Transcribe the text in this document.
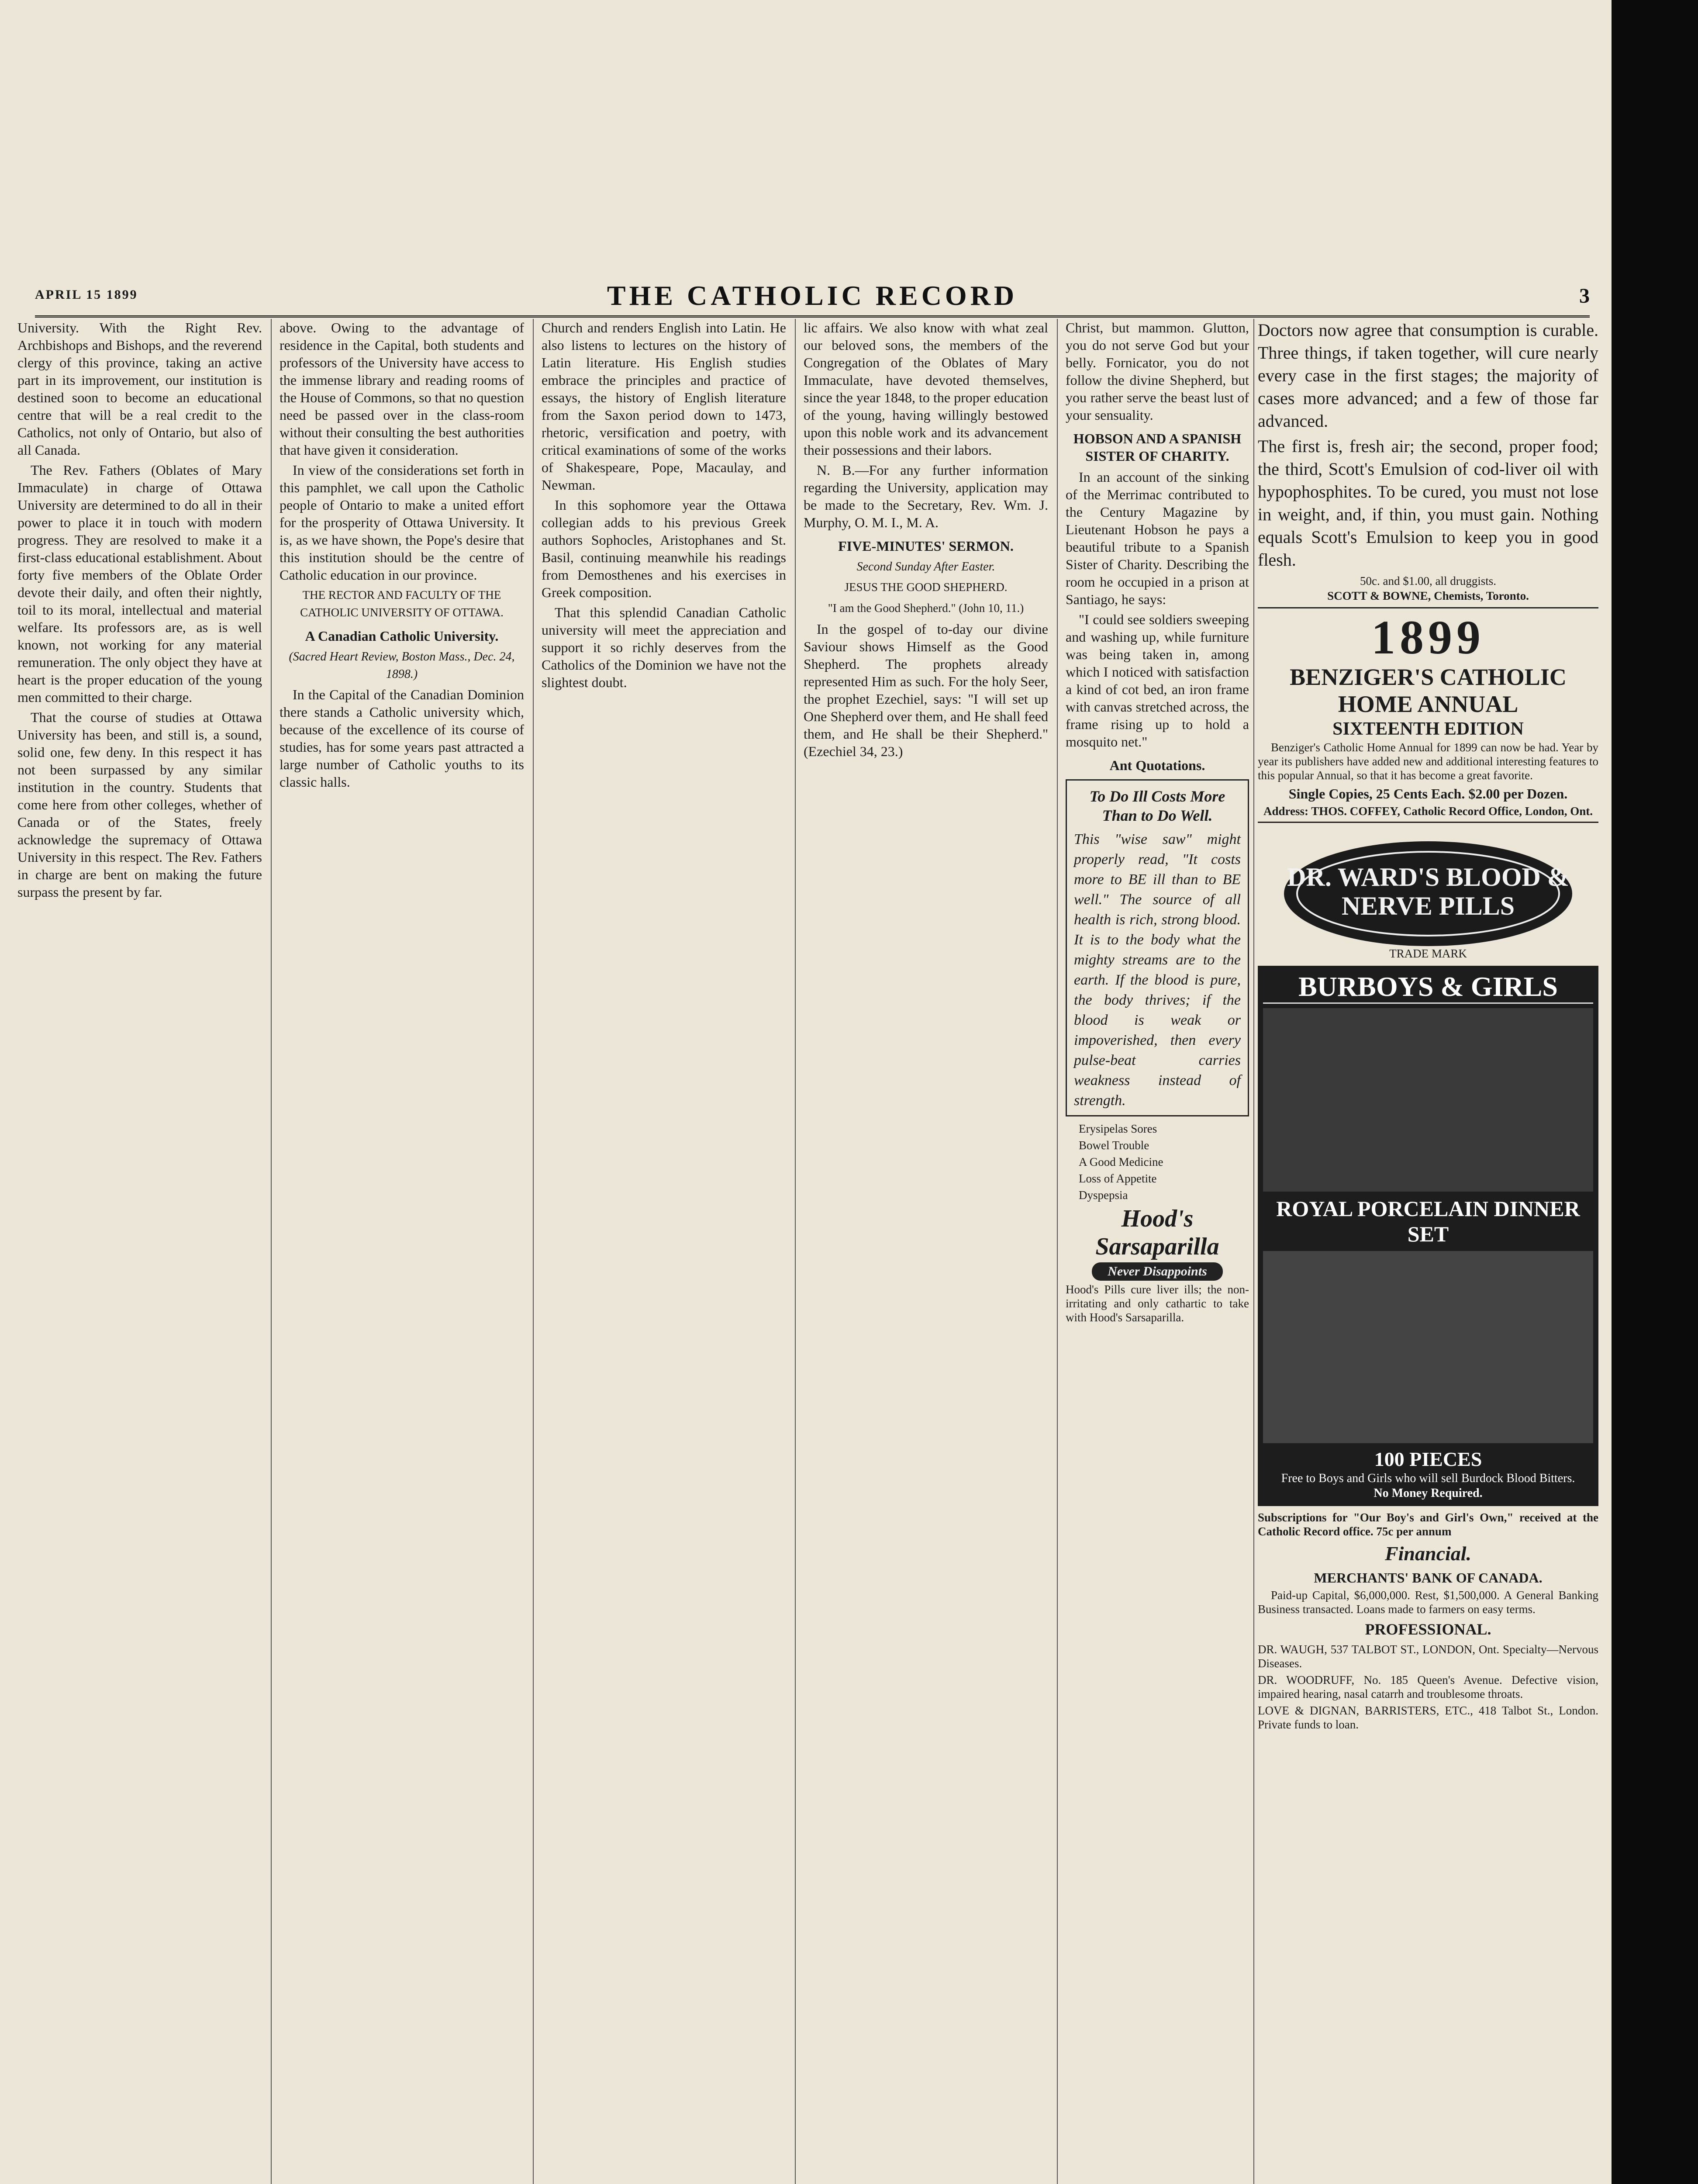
APRIL 15 1899	THE CATHOLIC RECORD	3

University. With the Right Rev. Archbishops and Bishops, and the reverend clergy of this province, taking an active part in its improvement, our institution is destined soon to become an educational centre that will be a real credit to the Catholics, not only of Ontario, but also of all Canada.

The Rev. Fathers (Oblates of Mary Immaculate) in charge of Ottawa University are determined to do all in their power to place it in touch with modern progress. They are resolved to make it a first-class educational establishment. About forty five members of the Oblate Order devote their daily, and often their nightly, toil to its moral, intellectual and material welfare. Its professors are, as is well known, not working for any material remuneration. The only object they have at heart is the proper education of the young men committed to their charge.

That the course of studies at Ottawa University has been, and still is, a sound, solid one, few deny. In this respect it has not been surpassed by any similar institution in the country. Students that come here from other colleges, whether of Canada or of the States, freely acknowledge the supremacy of Ottawa University in this respect. The Rev. Fathers in charge are bent on making the future surpass the present by far.

above. Owing to the advantage of residence in the Capital, both students and professors of the University have access to the immense library and reading rooms of the House of Commons, so that no question need be passed over in the class-room without their consulting the best authorities that have given it consideration.

In view of the considerations set forth in this pamphlet, we call upon the Catholic people of Ontario to make a united effort for the prosperity of Ottawa University. It is, as we have shown, the Pope's desire that this institution should be the centre of Catholic education in our province.

THE RECTOR AND FACULTY OF THE CATHOLIC UNIVERSITY OF OTTAWA.

A Canadian Catholic University.

(Sacred Heart Review, Boston Mass., Dec. 24, 1898.)

In the Capital of the Canadian Dominion there stands a Catholic university which, because of the excellence of its course of studies, has for some years past attracted a large number of Catholic youths to its classic halls.

Church and renders English into Latin. He also listens to lectures on the history of Latin literature. His English studies embrace the principles and practice of essays, the history of English literature from the Saxon period down to 1473, rhetoric, versification and poetry, with critical examinations of some of the works of Shakespeare, Pope, Macaulay, and Newman.

In this sophomore year the Ottawa collegian adds to his previous Greek authors Sophocles, Aristophanes and St. Basil, continuing meanwhile his readings from Demosthenes and his exercises in Greek composition.

That this splendid Canadian Catholic university will meet the appreciation and support it so richly deserves from the Catholics of the Dominion we have not the slightest doubt.

lic affairs. We also know with what zeal our beloved sons, the members of the Congregation of the Oblates of Mary Immaculate, have devoted themselves, since the year 1848, to the proper education of the young, having willingly bestowed upon this noble work and its advancement their possessions and their labors.

N. B.—For any further information regarding the University, application may be made to the Secretary, Rev. Wm. J. Murphy, O. M. I., M. A.

FIVE-MINUTES' SERMON.

Second Sunday After Easter.

JESUS THE GOOD SHEPHERD.

"I am the Good Shepherd." (John 10, 11.)

In the gospel of to-day our divine Saviour shows Himself as the Good Shepherd. The prophets already represented Him as such. For the holy Seer, the prophet Ezechiel, says: "I will set up One Shepherd over them, and He shall feed them, and He shall be their Shepherd." (Ezechiel 34, 23.)

Christ, but mammon. Glutton, you do not serve God but your belly. Fornicator, you do not follow the divine Shepherd, but you rather serve the beast lust of your sensuality.

HOBSON AND A SPANISH SISTER OF CHARITY.

In an account of the sinking of the Merrimac contributed to the Century Magazine by Lieutenant Hobson he pays a beautiful tribute to a Spanish Sister of Charity. Describing the room he occupied in a prison at Santiago, he says:

"I could see soldiers sweeping and washing up, while furniture was being taken in, among which I noticed with satisfaction a kind of cot bed, an iron frame with canvas stretched across, the frame rising up to hold a mosquito net."

Ant Quotations.

To Do Ill Costs More Than to Do Well.

This "wise saw" might properly read, "It costs more to BE ill than to BE well." The source of all health is rich, strong blood. It is to the body what the mighty streams are to the earth. If the blood is pure, the body thrives; if the blood is weak or impoverished, then every pulse-beat carries weakness instead of strength.

Erysipelas Sores

Bowel Trouble

A Good Medicine

Loss of Appetite

Dyspepsia

Hood's Sarsaparilla
Never Disappoints

Hood's Pills cure liver ills; the non-irritating and only cathartic to take with Hood's Sarsaparilla.

Doctors now agree that consumption is curable. Three things, if taken together, will cure nearly every case in the first stages; the majority of cases more advanced; and a few of those far advanced.

The first is, fresh air; the second, proper food; the third, Scott's Emulsion of cod-liver oil with hypophosphites. To be cured, you must not lose in weight, and, if thin, you must gain. Nothing equals Scott's Emulsion to keep you in good flesh.

50c. and $1.00, all druggists.

SCOTT & BOWNE, Chemists, Toronto.

1899
BENZIGER'S CATHOLIC HOME ANNUAL
SIXTEENTH EDITION

Benziger's Catholic Home Annual for 1899 can now be had. Year by year its publishers have added new and additional interesting features to this popular Annual, so that it has become a great favorite.

Single Copies, 25 Cents Each. $2.00 per Dozen.

Address: THOS. COFFEY, Catholic Record Office, London, Ont.

DR. WARD'S BLOOD & NERVE PILLS
TRADE MARK
BURBOYS & GIRLS
ROYAL PORCELAIN DINNER SET
100 PIECES
Free to Boys and Girls who will sell Burdock Blood Bitters.
No Money Required.

Subscriptions for "Our Boy's and Girl's Own," received at the Catholic Record office. 75c per annum

Financial.

MERCHANTS' BANK OF CANADA.

Paid-up Capital, $6,000,000. Rest, $1,500,000. A General Banking Business transacted. Loans made to farmers on easy terms.

PROFESSIONAL.

DR. WAUGH, 537 TALBOT ST., LONDON, Ont. Specialty—Nervous Diseases.

DR. WOODRUFF, No. 185 Queen's Avenue. Defective vision, impaired hearing, nasal catarrh and troublesome throats.

LOVE & DIGNAN, BARRISTERS, ETC., 418 Talbot St., London. Private funds to loan.
